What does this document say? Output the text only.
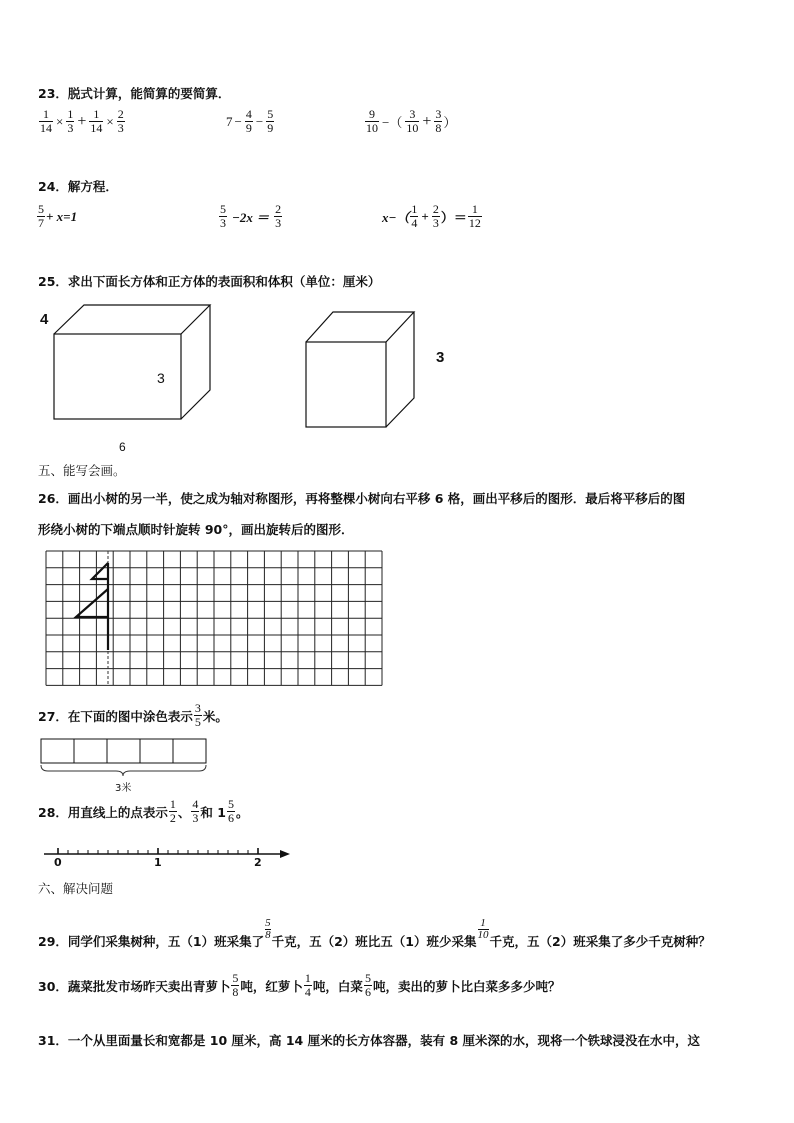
23．脱式计算，能简算的要简算．
$\frac{1}{14} \times \frac{1}{3} + \frac{1}{14} \times \frac{2}{3}$	$7 - \frac{4}{9} - \frac{5}{9}$	$\frac{9}{10}$ −（ $\frac{3}{10} + \frac{3}{8}$ ）
24．解方程．
$\frac{5}{7} + x=1$	$\frac{5}{3} -2x = \frac{2}{3}$	$x-( \frac{1}{4} + \frac{2}{3}$ ）＝ $\frac{1}{12}$
25．求出下面长方体和正方体的表面积和体积（单位：厘米）
4
3
6
3
五、能写会画。
26．画出小树的另一半，使之成为轴对称图形，再将整棵小树向右平移 6 格，画出平移后的图形．最后将平移后的图
形绕小树的下端点顺时针旋转 90°，画出旋转后的图形．
27．在下面的图中涂色表示 $\frac{3}{5}$ 米。
3米
28．用直线上的点表示 $\frac{1}{2}$ 、 $\frac{4}{3}$ 和 $1 \frac{5}{6}$ 。
0	1	2
六、解决问题
29．同学们采集树种，五（1）班采集了
5
8 千克，五（2）班比五（1）班少采集
1
10 千克，五（2）班采集了多少千克树种？
30．蔬菜批发市场昨天卖出青萝卜 $\frac{5}{8}$ 吨，红萝卜 $\frac{1}{4}$ 吨，白菜 $\frac{5}{6}$ 吨，卖出的萝卜比白菜多多少吨？
31．一个从里面量长和宽都是 10 厘米，高 14 厘米的长方体容器，装有 8 厘米深的水，现将一个铁球浸没在水中，这
